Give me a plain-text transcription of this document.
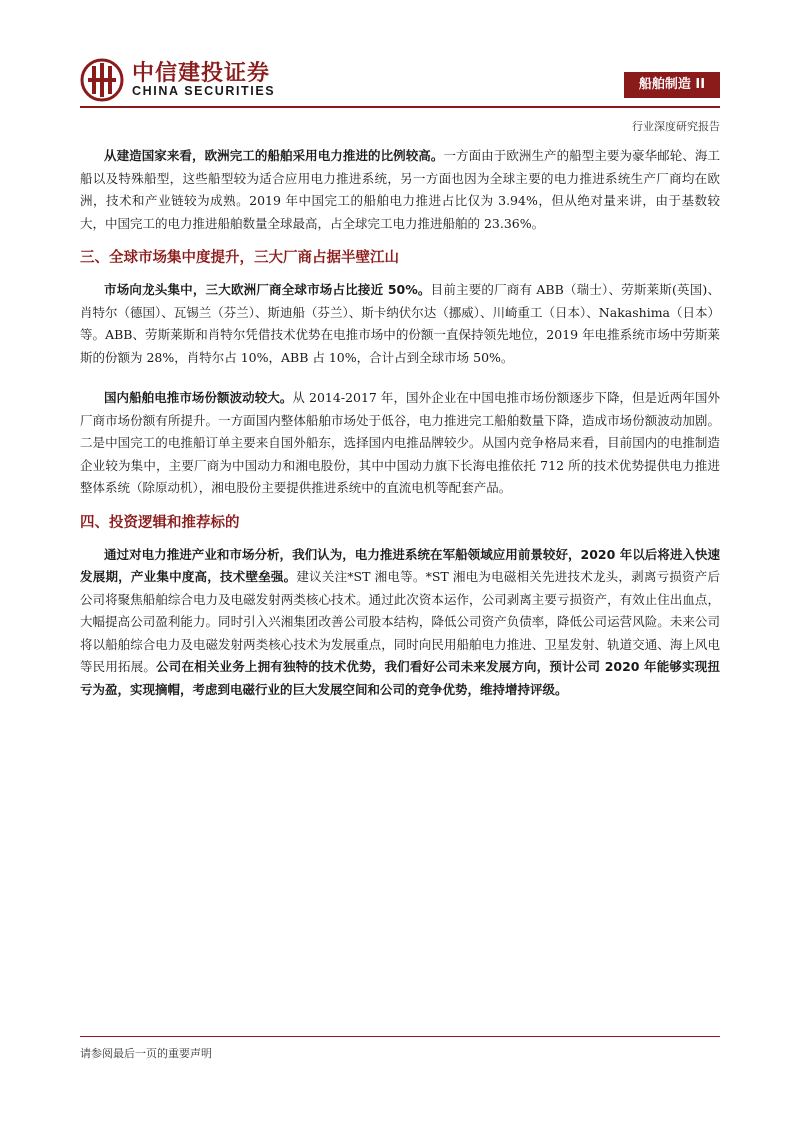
中信建投证券
CHINA SECURITIES	船舶制造 II
行业深度研究报告

从建造国家来看，欧洲完工的船舶采用电力推进的比例较高。一方面由于欧洲生产的船型主要为豪华邮轮、海工船以及特殊船型，这些船型较为适合应用电力推进系统，另一方面也因为全球主要的电力推进系统生产厂商均在欧洲，技术和产业链较为成熟。2019 年中国完工的船舶电力推进占比仅为 3.94%，但从绝对量来讲，由于基数较大，中国完工的电力推进船舶数量全球最高，占全球完工电力推进船舶的 23.36%。

三、全球市场集中度提升，三大厂商占据半壁江山

市场向龙头集中，三大欧洲厂商全球市场占比接近 50%。目前主要的厂商有 ABB（瑞士）、劳斯莱斯(英国)、肖特尔（德国）、瓦锡兰（芬兰）、斯迪船（芬兰）、斯卡纳伏尔达（挪威）、川崎重工（日本）、Nakashima（日本）等。ABB、劳斯莱斯和肖特尔凭借技术优势在电推市场中的份额一直保持领先地位，2019 年电推系统市场中劳斯莱斯的份额为 28%，肖特尔占 10%，ABB 占 10%，合计占到全球市场 50%。

国内船舶电推市场份额波动较大。从 2014-2017 年，国外企业在中国电推市场份额逐步下降，但是近两年国外厂商市场份额有所提升。一方面国内整体船舶市场处于低谷，电力推进完工船舶数量下降，造成市场份额波动加剧。二是中国完工的电推船订单主要来自国外船东，选择国内电推品牌较少。从国内竞争格局来看，目前国内的电推制造企业较为集中，主要厂商为中国动力和湘电股份，其中中国动力旗下长海电推依托 712 所的技术优势提供电力推进整体系统（除原动机），湘电股份主要提供推进系统中的直流电机等配套产品。

四、投资逻辑和推荐标的

通过对电力推进产业和市场分析，我们认为，电力推进系统在军船领域应用前景较好，2020 年以后将进入快速发展期，产业集中度高，技术壁垒强。建议关注*ST 湘电等。*ST 湘电为电磁相关先进技术龙头，剥离亏损资产后公司将聚焦船舶综合电力及电磁发射两类核心技术。通过此次资本运作，公司剥离主要亏损资产，有效止住出血点，大幅提高公司盈利能力。同时引入兴湘集团改善公司股本结构，降低公司资产负债率，降低公司运营风险。未来公司将以船舶综合电力及电磁发射两类核心技术为发展重点，同时向民用船舶电力推进、卫星发射、轨道交通、海上风电等民用拓展。公司在相关业务上拥有独特的技术优势，我们看好公司未来发展方向，预计公司 2020 年能够实现扭亏为盈，实现摘帽，考虑到电磁行业的巨大发展空间和公司的竞争优势，维持增持评级。

请参阅最后一页的重要声明
